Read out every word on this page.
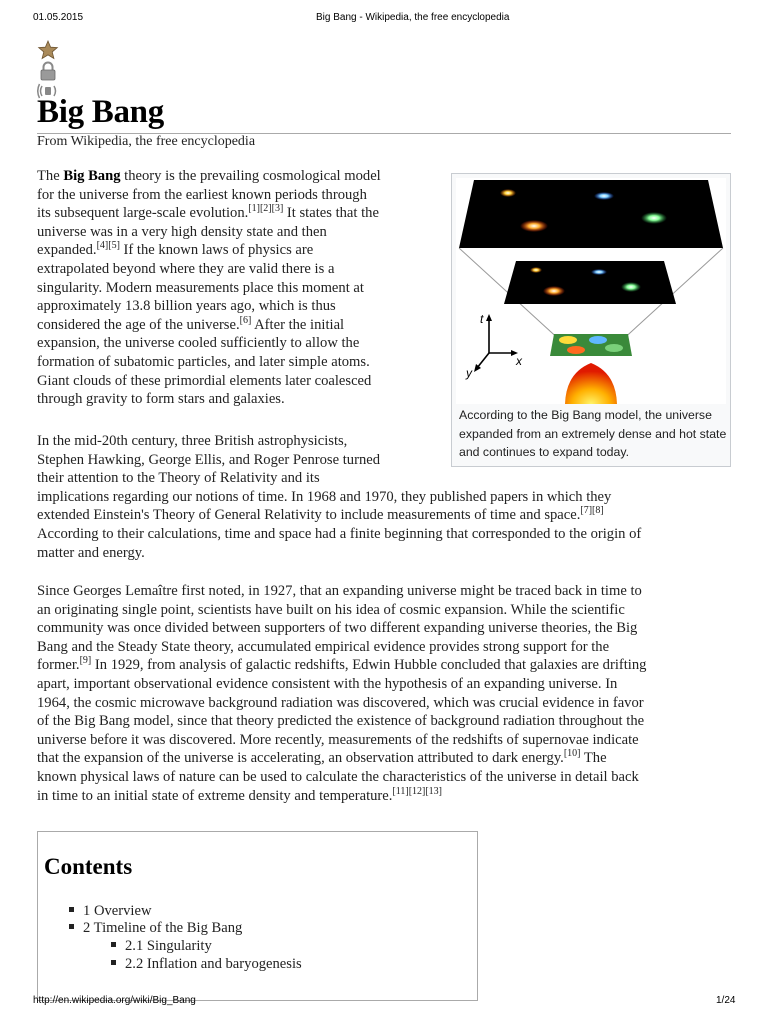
01.05.2015	Big Bang - Wikipedia, the free encyclopedia
Big Bang
From Wikipedia, the free encyclopedia
The Big Bang theory is the prevailing cosmological model
for the universe from the earliest known periods through
its subsequent large-scale evolution.[1][2][3] It states that the
universe was in a very high density state and then
expanded.[4][5] If the known laws of physics are
extrapolated beyond where they are valid there is a
singularity. Modern measurements place this moment at
approximately 13.8 billion years ago, which is thus
considered the age of the universe.[6] After the initial
expansion, the universe cooled sufficiently to allow the
formation of subatomic particles, and later simple atoms.
Giant clouds of these primordial elements later coalesced
through gravity to form stars and galaxies.
t
x
y
According to the Big Bang model, the universe expanded from an extremely dense and hot state and continues to expand today.
In the mid-20th century, three British astrophysicists,
Stephen Hawking, George Ellis, and Roger Penrose turned
their attention to the Theory of Relativity and its
implications regarding our notions of time. In 1968 and 1970, they published papers in which they
extended Einstein's Theory of General Relativity to include measurements of time and space.[7][8]
According to their calculations, time and space had a finite beginning that corresponded to the origin of
matter and energy.
Since Georges Lemaître first noted, in 1927, that an expanding universe might be traced back in time to
an originating single point, scientists have built on his idea of cosmic expansion. While the scientific
community was once divided between supporters of two different expanding universe theories, the Big
Bang and the Steady State theory, accumulated empirical evidence provides strong support for the
former.[9] In 1929, from analysis of galactic redshifts, Edwin Hubble concluded that galaxies are drifting
apart, important observational evidence consistent with the hypothesis of an expanding universe. In
1964, the cosmic microwave background radiation was discovered, which was crucial evidence in favor
of the Big Bang model, since that theory predicted the existence of background radiation throughout the
universe before it was discovered. More recently, measurements of the redshifts of supernovae indicate
that the expansion of the universe is accelerating, an observation attributed to dark energy.[10] The
known physical laws of nature can be used to calculate the characteristics of the universe in detail back
in time to an initial state of extreme density and temperature.[11][12][13]
Contents
1 Overview
2 Timeline of the Big Bang
2.1 Singularity
2.2 Inflation and baryogenesis
http://en.wikipedia.org/wiki/Big_Bang	1/24
